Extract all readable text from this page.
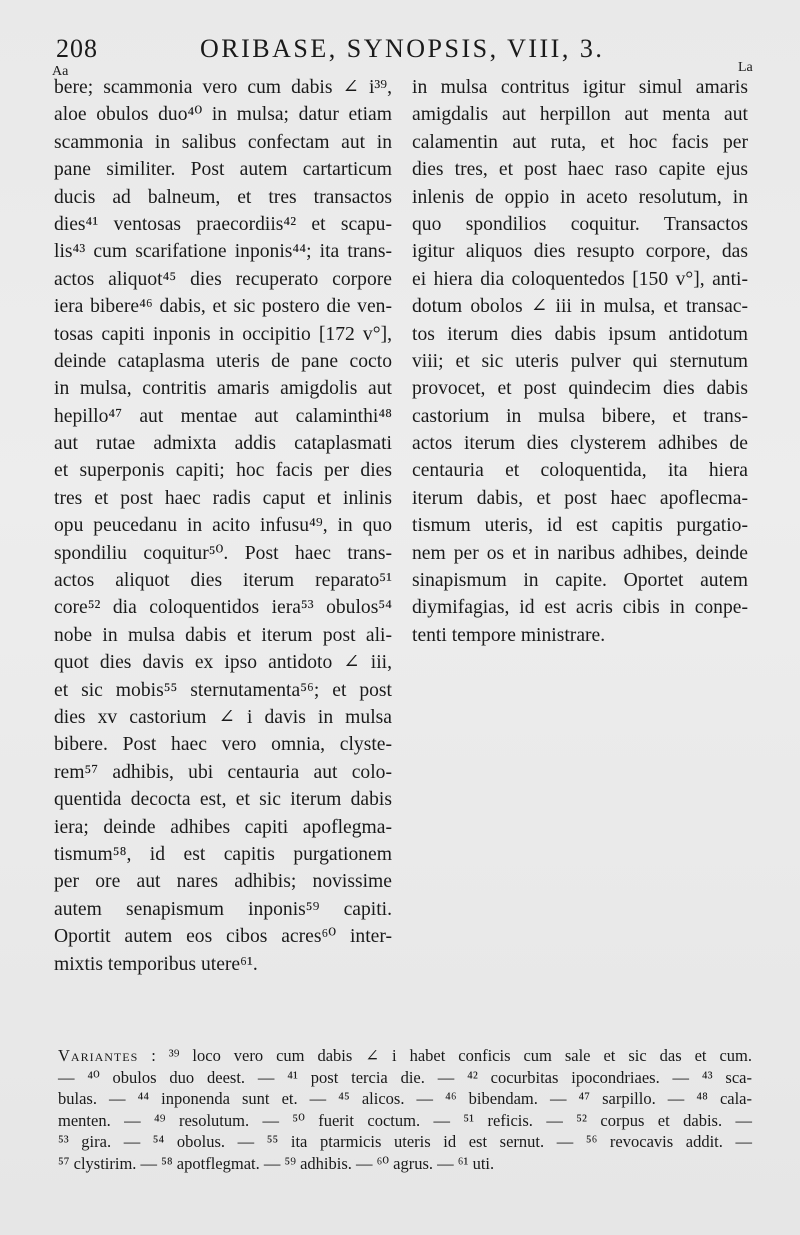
208	ORIBASE, SYNOPSIS, VIII, 3.
Aa	La
bere; scammonia vero cum dabis ∠ i³⁹,
aloe obulos duo⁴⁰ in mulsa; datur etiam
scammonia in salibus confectam aut in
pane similiter. Post autem cartarticum
ducis ad balneum, et tres transactos
dies⁴¹ ventosas praecordiis⁴² et scapu-
lis⁴³ cum scarifatione inponis⁴⁴; ita trans-
actos aliquot⁴⁵ dies recuperato corpore
iera bibere⁴⁶ dabis, et sic postero die ven-
tosas capiti inponis in occipitio [172 v°],
deinde cataplasma uteris de pane cocto
in mulsa, contritis amaris amigdolis aut
hepillo⁴⁷ aut mentae aut calaminthi⁴⁸
aut rutae admixta addis cataplasmati
et superponis capiti; hoc facis per dies
tres et post haec radis caput et inlinis
opu peucedanu in acito infusu⁴⁹, in quo
spondiliu coquitur⁵⁰. Post haec trans-
actos aliquot dies iterum reparato⁵¹
core⁵² dia coloquentidos iera⁵³ obulos⁵⁴
nobe in mulsa dabis et iterum post ali-
quot dies davis ex ipso antidoto ∠ iii,
et sic mobis⁵⁵ sternutamenta⁵⁶; et post
dies xv castorium ∠ i davis in mulsa
bibere. Post haec vero omnia, clyste-
rem⁵⁷ adhibis, ubi centauria aut colo-
quentida decocta est, et sic iterum dabis
iera; deinde adhibes capiti apoflegma-
tismum⁵⁸, id est capitis purgationem
per ore aut nares adhibis; novissime
autem senapismum inponis⁵⁹ capiti.
Oportit autem eos cibos acres⁶⁰ inter-
mixtis temporibus utere⁶¹.
in mulsa contritus igitur simul amaris
amigdalis aut herpillon aut menta aut
calamentin aut ruta, et hoc facis per
dies tres, et post haec raso capite ejus
inlenis de oppio in aceto resolutum, in
quo spondilios coquitur. Transactos
igitur aliquos dies resupto corpore, das
ei hiera dia coloquentedos [150 v°], anti-
dotum obolos ∠ iii in mulsa, et transac-
tos iterum dies dabis ipsum antidotum
viii; et sic uteris pulver qui sternutum
provocet, et post quindecim dies dabis
castorium in mulsa bibere, et trans-
actos iterum dies clysterem adhibes de
centauria et coloquentida, ita hiera
iterum dabis, et post haec apoflecma-
tismum uteris, id est capitis purgatio-
nem per os et in naribus adhibes, deinde
sinapismum in capite. Oportet autem
diymifagias, id est acris cibis in conpe-
tenti tempore ministrare.
Variantes : ³⁹ loco vero cum dabis ∠ i habet conficis cum sale et sic das et cum.
— ⁴⁰ obulos duo deest. — ⁴¹ post tercia die. — ⁴² cocurbitas ipocondriaes. — ⁴³ sca-
bulas. — ⁴⁴ inponenda sunt et. — ⁴⁵ alicos. — ⁴⁶ bibendam. — ⁴⁷ sarpillo. — ⁴⁸ cala-
menten. — ⁴⁹ resolutum. — ⁵⁰ fuerit coctum. — ⁵¹ reficis. — ⁵² corpus et dabis. —
⁵³ gira. — ⁵⁴ obolus. — ⁵⁵ ita ptarmicis uteris id est sernut. — ⁵⁶ revocavis addit. —
⁵⁷ clystirim. — ⁵⁸ apotflegmat. — ⁵⁹ adhibis. — ⁶⁰ agrus. — ⁶¹ uti.
